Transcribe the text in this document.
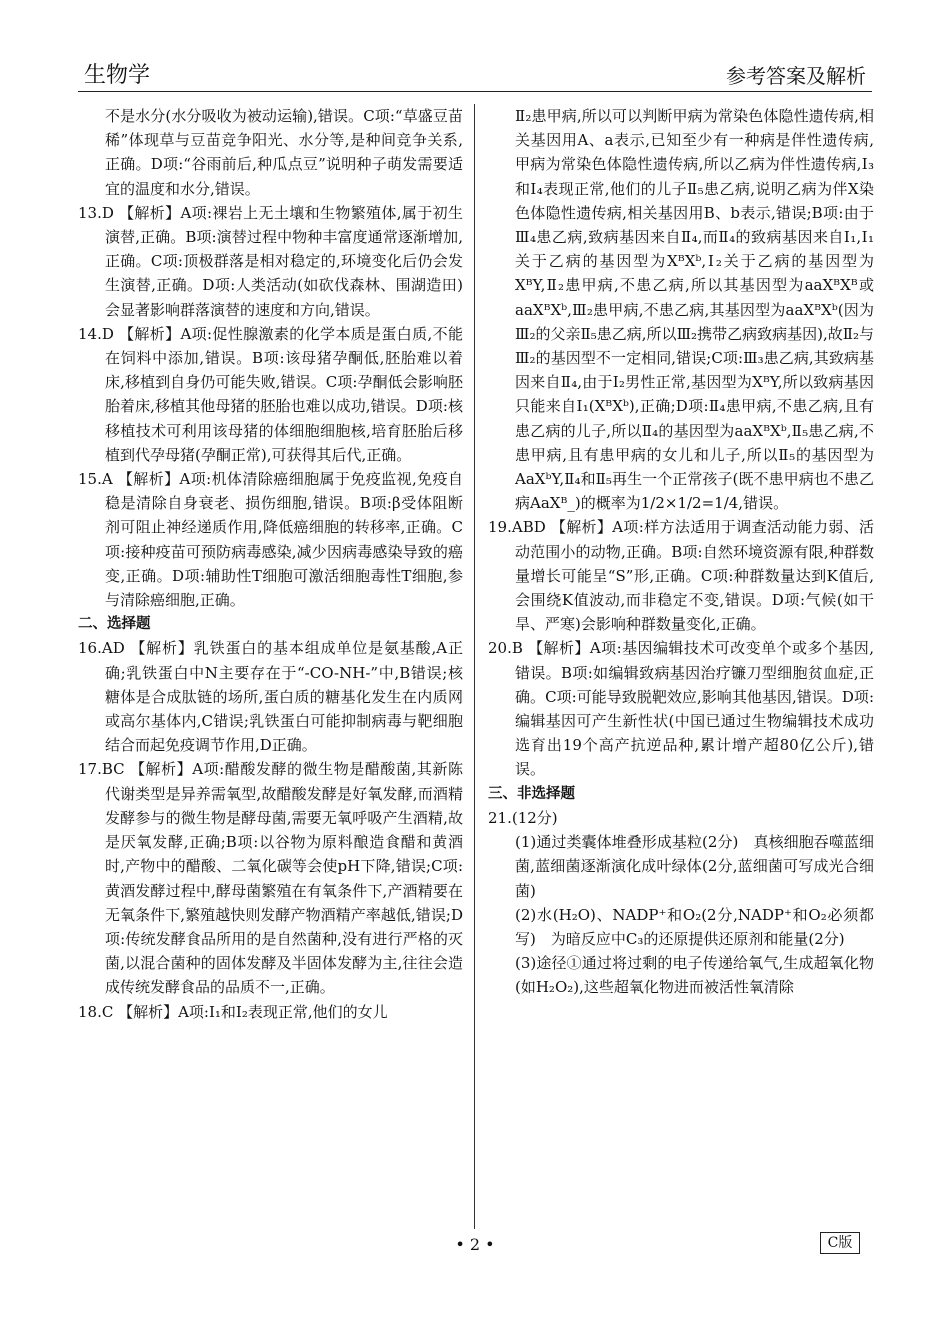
生物学	参考答案及解析

不是水分(水分吸收为被动运输),错误。C项:“草盛豆苗稀”体现草与豆苗竞争阳光、水分等,是种间竞争关系,正确。D项:“谷雨前后,种瓜点豆”说明种子萌发需要适宜的温度和水分,错误。

13.D 【解析】A项:裸岩上无土壤和生物繁殖体,属于初生演替,正确。B项:演替过程中物种丰富度通常逐渐增加,正确。C项:顶极群落是相对稳定的,环境变化后仍会发生演替,正确。D项:人类活动(如砍伐森林、围湖造田)会显著影响群落演替的速度和方向,错误。

14.D 【解析】A项:促性腺激素的化学本质是蛋白质,不能在饲料中添加,错误。B项:该母猪孕酮低,胚胎难以着床,移植到自身仍可能失败,错误。C项:孕酮低会影响胚胎着床,移植其他母猪的胚胎也难以成功,错误。D项:核移植技术可利用该母猪的体细胞细胞核,培育胚胎后移植到代孕母猪(孕酮正常),可获得其后代,正确。

15.A 【解析】A项:机体清除癌细胞属于免疫监视,免疫自稳是清除自身衰老、损伤细胞,错误。B项:β受体阻断剂可阻止神经递质作用,降低癌细胞的转移率,正确。C项:接种疫苗可预防病毒感染,减少因病毒感染导致的癌变,正确。D项:辅助性T细胞可激活细胞毒性T细胞,参与清除癌细胞,正确。

二、选择题

16.AD 【解析】乳铁蛋白的基本组成单位是氨基酸,A正确;乳铁蛋白中N主要存在于“-CO-NH-”中,B错误;核糖体是合成肽链的场所,蛋白质的糖基化发生在内质网或高尔基体内,C错误;乳铁蛋白可能抑制病毒与靶细胞结合而起免疫调节作用,D正确。

17.BC 【解析】A项:醋酸发酵的微生物是醋酸菌,其新陈代谢类型是异养需氧型,故醋酸发酵是好氧发酵,而酒精发酵参与的微生物是酵母菌,需要无氧呼吸产生酒精,故是厌氧发酵,正确;B项:以谷物为原料酿造食醋和黄酒时,产物中的醋酸、二氧化碳等会使pH下降,错误;C项:黄酒发酵过程中,酵母菌繁殖在有氧条件下,产酒精要在无氧条件下,繁殖越快则发酵产物酒精产率越低,错误;D项:传统发酵食品所用的是自然菌种,没有进行严格的灭菌,以混合菌种的固体发酵及半固体发酵为主,往往会造成传统发酵食品的品质不一,正确。

18.C 【解析】A项:Ⅰ₁和Ⅰ₂表现正常,他们的女儿

Ⅱ₂患甲病,所以可以判断甲病为常染色体隐性遗传病,相关基因用A、a表示,已知至少有一种病是伴性遗传病,甲病为常染色体隐性遗传病,所以乙病为伴性遗传病,Ⅰ₃和Ⅰ₄表现正常,他们的儿子Ⅱ₅患乙病,说明乙病为伴X染色体隐性遗传病,相关基因用B、b表示,错误;B项:由于Ⅲ₄患乙病,致病基因来自Ⅱ₄,而Ⅱ₄的致病基因来自Ⅰ₁,Ⅰ₁关于乙病的基因型为XᴮXᵇ,Ⅰ₂关于乙病的基因型为XᴮY,Ⅱ₂患甲病,不患乙病,所以其基因型为aaXᴮXᴮ或aaXᴮXᵇ,Ⅲ₂患甲病,不患乙病,其基因型为aaXᴮXᵇ(因为Ⅲ₂的父亲Ⅱ₅患乙病,所以Ⅲ₂携带乙病致病基因),故Ⅱ₂与Ⅲ₂的基因型不一定相同,错误;C项:Ⅲ₃患乙病,其致病基因来自Ⅱ₄,由于Ⅰ₂男性正常,基因型为XᴮY,所以致病基因只能来自Ⅰ₁(XᴮXᵇ),正确;D项:Ⅱ₄患甲病,不患乙病,且有患乙病的儿子,所以Ⅱ₄的基因型为aaXᴮXᵇ,Ⅱ₅患乙病,不患甲病,且有患甲病的女儿和儿子,所以Ⅱ₅的基因型为AaXᵇY,Ⅱ₄和Ⅱ₅再生一个正常孩子(既不患甲病也不患乙病AaXᴮ_)的概率为1/2×1/2=1/4,错误。

19.ABD 【解析】A项:样方法适用于调查活动能力弱、活动范围小的动物,正确。B项:自然环境资源有限,种群数量增长可能呈“S”形,正确。C项:种群数量达到K值后,会围绕K值波动,而非稳定不变,错误。D项:气候(如干旱、严寒)会影响种群数量变化,正确。

20.B 【解析】A项:基因编辑技术可改变单个或多个基因,错误。B项:如编辑致病基因治疗镰刀型细胞贫血症,正确。C项:可能导致脱靶效应,影响其他基因,错误。D项:编辑基因可产生新性状(中国已通过生物编辑技术成功选育出19个高产抗逆品种,累计增产超80亿公斤),错误。

三、非选择题

21.(12分)

(1)通过类囊体堆叠形成基粒(2分)　真核细胞吞噬蓝细菌,蓝细菌逐渐演化成叶绿体(2分,蓝细菌可写成光合细菌)

(2)水(H₂O)、NADP⁺和O₂(2分,NADP⁺和O₂必须都写)　为暗反应中C₃的还原提供还原剂和能量(2分)

(3)途径①通过将过剩的电子传递给氧气,生成超氧化物(如H₂O₂),这些超氧化物进而被活性氧清除

• 2 •	C版
